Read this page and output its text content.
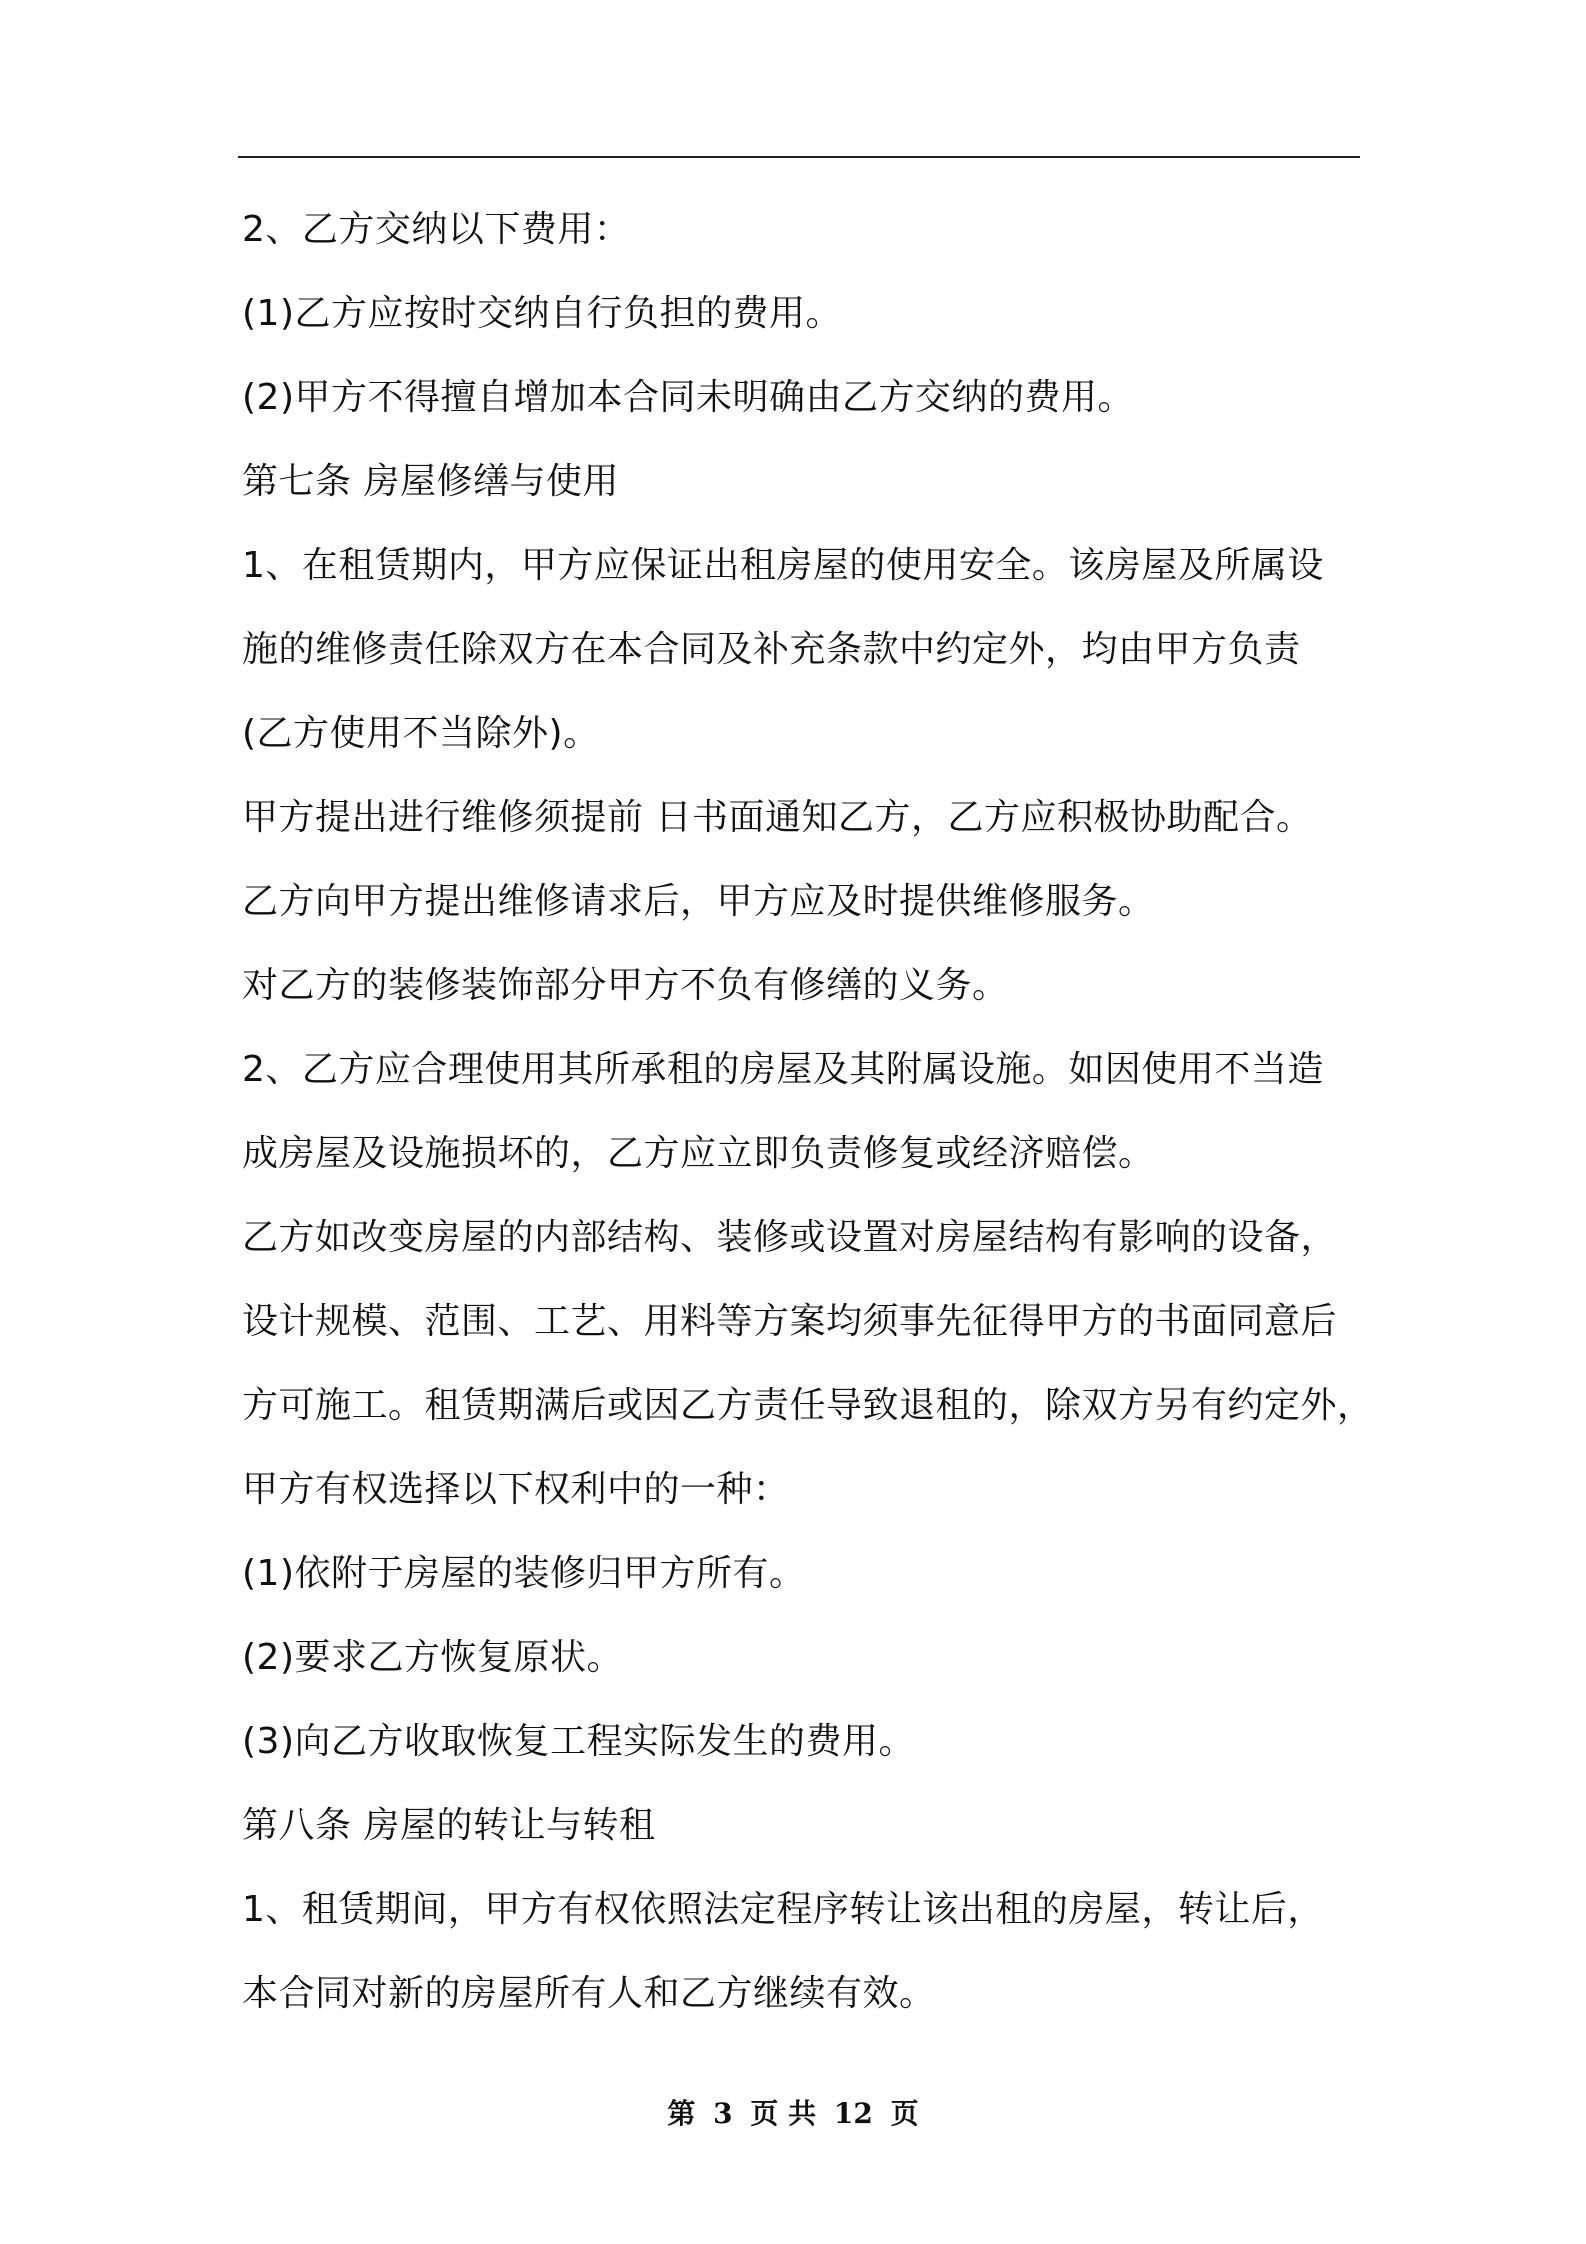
2、乙方交纳以下费用：
(1)乙方应按时交纳自行负担的费用。
(2)甲方不得擅自增加本合同未明确由乙方交纳的费用。
第七条 房屋修缮与使用
1、在租赁期内，甲方应保证出租房屋的使用安全。该房屋及所属设
施的维修责任除双方在本合同及补充条款中约定外，均由甲方负责
(乙方使用不当除外)。
甲方提出进行维修须提前 日书面通知乙方，乙方应积极协助配合。
乙方向甲方提出维修请求后，甲方应及时提供维修服务。
对乙方的装修装饰部分甲方不负有修缮的义务。
2、乙方应合理使用其所承租的房屋及其附属设施。如因使用不当造
成房屋及设施损坏的，乙方应立即负责修复或经济赔偿。
乙方如改变房屋的内部结构、装修或设置对房屋结构有影响的设备，
设计规模、范围、工艺、用料等方案均须事先征得甲方的书面同意后
方可施工。租赁期满后或因乙方责任导致退租的，除双方另有约定外，
甲方有权选择以下权利中的一种：
(1)依附于房屋的装修归甲方所有。
(2)要求乙方恢复原状。
(3)向乙方收取恢复工程实际发生的费用。
第八条 房屋的转让与转租
1、租赁期间，甲方有权依照法定程序转让该出租的房屋，转让后，
本合同对新的房屋所有人和乙方继续有效。
第 3 页 共 12 页
